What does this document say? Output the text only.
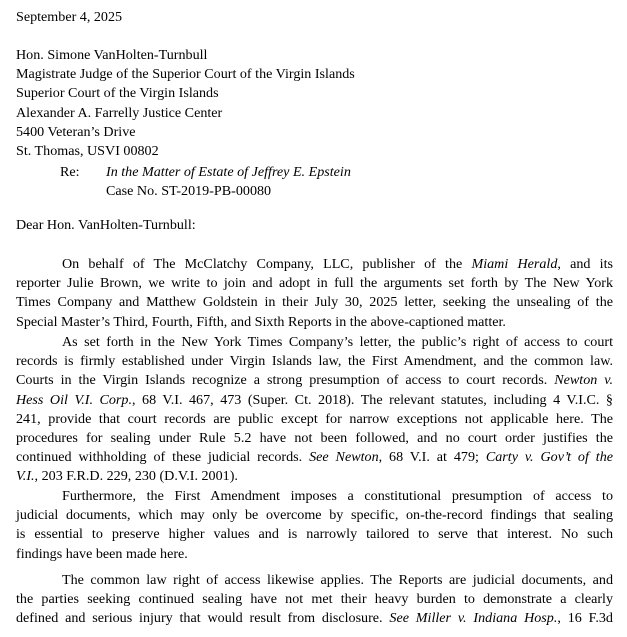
September 4, 2025
Hon. Simone VanHolten-Turnbull
Magistrate Judge of the Superior Court of the Virgin Islands
Superior Court of the Virgin Islands
Alexander A. Farrelly Justice Center
5400 Veteran’s Drive
St. Thomas, USVI 00802
Re: In the Matter of Estate of Jeffrey E. Epstein
Case No. ST-2019-PB-00080
Dear Hon. VanHolten-Turnbull:
On behalf of The McClatchy Company, LLC, publisher of the Miami Herald, and its
reporter Julie Brown, we write to join and adopt in full the arguments set forth by The New York
Times Company and Matthew Goldstein in their July 30, 2025 letter, seeking the unsealing of the
Special Master’s Third, Fourth, Fifth, and Sixth Reports in the above-captioned matter.
As set forth in the New York Times Company’s letter, the public’s right of access to court
records is firmly established under Virgin Islands law, the First Amendment, and the common law.
Courts in the Virgin Islands recognize a strong presumption of access to court records. Newton v.
Hess Oil V.I. Corp., 68 V.I. 467, 473 (Super. Ct. 2018). The relevant statutes, including 4 V.I.C. §
241, provide that court records are public except for narrow exceptions not applicable here. The
procedures for sealing under Rule 5.2 have not been followed, and no court order justifies the
continued withholding of these judicial records. See Newton, 68 V.I. at 479; Carty v. Gov’t of the
V.I., 203 F.R.D. 229, 230 (D.V.I. 2001).
Furthermore, the First Amendment imposes a constitutional presumption of access to
judicial documents, which may only be overcome by specific, on-the-record findings that sealing
is essential to preserve higher values and is narrowly tailored to serve that interest. No such
findings have been made here.
The common law right of access likewise applies. The Reports are judicial documents, and
the parties seeking continued sealing have not met their heavy burden to demonstrate a clearly
defined and serious injury that would result from disclosure. See Miller v. Indiana Hosp., 16 F.3d
